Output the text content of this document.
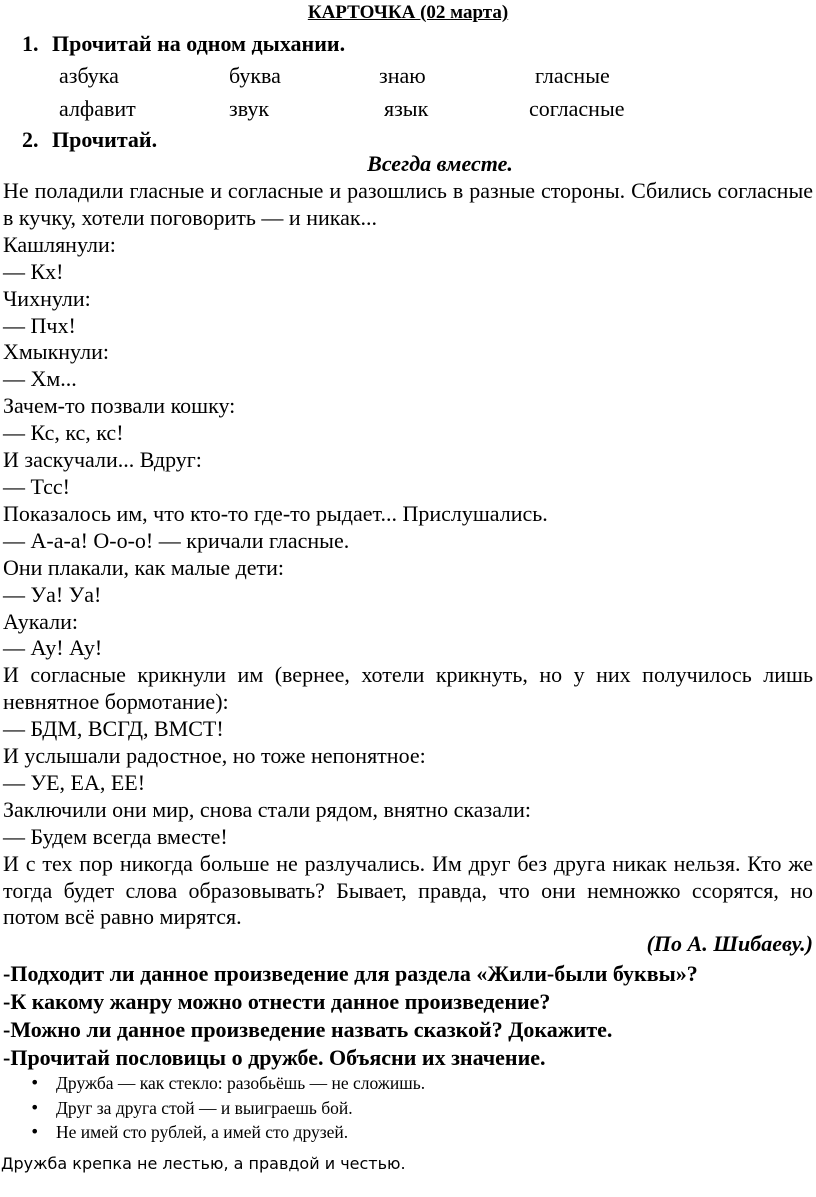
КАРТОЧКА (02 марта)
1. Прочитай на одном дыхании.
азбука	буква	знаю	гласные
алфавит	звук	язык	согласные
2. Прочитай.
Всегда вместе.

Не поладили гласные и согласные и разошлись в разные стороны. Сбились согласные в кучку, хотели поговорить — и никак...

Кашлянули:

— Кх!

Чихнули:

— Пчх!

Хмыкнули:

— Хм...

Зачем-то позвали кошку:

— Кс, кс, кс!

И заскучали... Вдруг:

— Тсс!

Показалось им, что кто-то где-то рыдает... Прислушались.

— А-а-а! О-о-о! — кричали гласные.

Они плакали, как малые дети:

— Уа! Уа!

Аукали:

— Ау! Ау!

И согласные крикнули им (вернее, хотели крикнуть, но у них получилось лишь невнятное бормотание):

— БДМ, ВСГД, ВМСТ!

И услышали радостное, но тоже непонятное:

— УЕ, ЕА, ЕЕ!

Заключили они мир, снова стали рядом, внятно сказали:

— Будем всегда вместе!

И с тех пор никогда больше не разлучались. Им друг без друга никак нельзя. Кто же тогда будет слова образовывать? Бывает, правда, что они немножко ссорятся, но потом всё равно мирятся.

(По А. Шибаеву.)

-Подходит ли данное произведение для раздела «Жили-были буквы»?

-К какому жанру можно отнести данное произведение?

-Можно ли данное произведение назвать сказкой? Докажите.

-Прочитай пословицы о дружбе. Объясни их значение.

• Дружба — как стекло: разобьёшь — не сложишь.
• Друг за друга стой — и выиграешь бой.
• Не имей сто рублей, а имей сто друзей.
Дружба крепка не лестью, а правдой и честью.
